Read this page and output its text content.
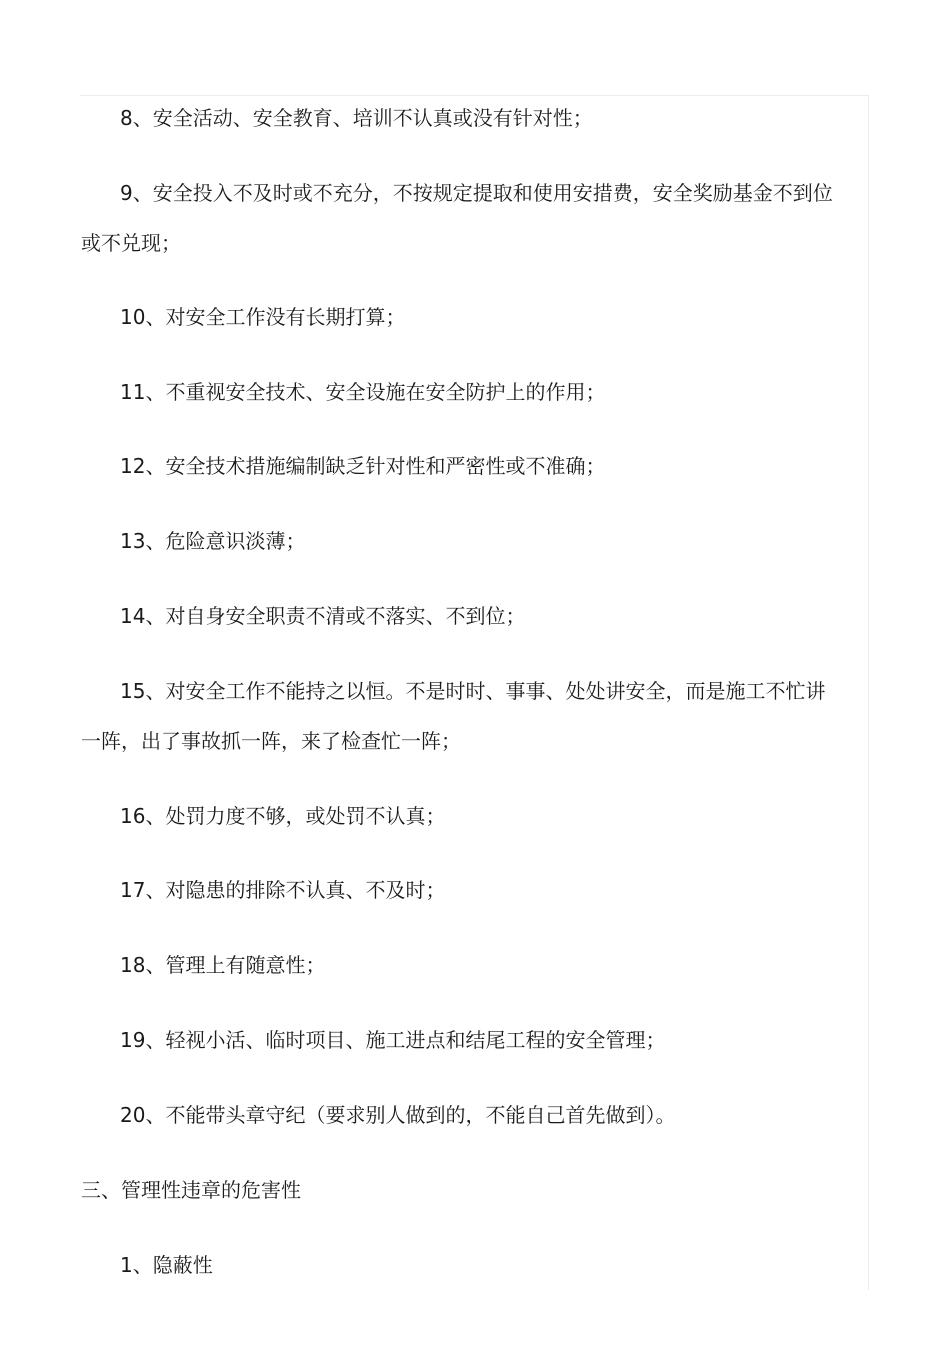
8、安全活动、安全教育、培训不认真或没有针对性；

9、安全投入不及时或不充分，不按规定提取和使用安措费，安全奖励基金不到位或不兑现；

10、对安全工作没有长期打算；

11、不重视安全技术、安全设施在安全防护上的作用；

12、安全技术措施编制缺乏针对性和严密性或不准确；

13、危险意识淡薄；

14、对自身安全职责不清或不落实、不到位；

15、对安全工作不能持之以恒。不是时时、事事、处处讲安全，而是施工不忙讲一阵，出了事故抓一阵，来了检查忙一阵；

16、处罚力度不够，或处罚不认真；

17、对隐患的排除不认真、不及时；

18、管理上有随意性；

19、轻视小活、临时项目、施工进点和结尾工程的安全管理；

20、不能带头章守纪（要求别人做到的，不能自己首先做到）。

三、管理性违章的危害性

1、隐蔽性
